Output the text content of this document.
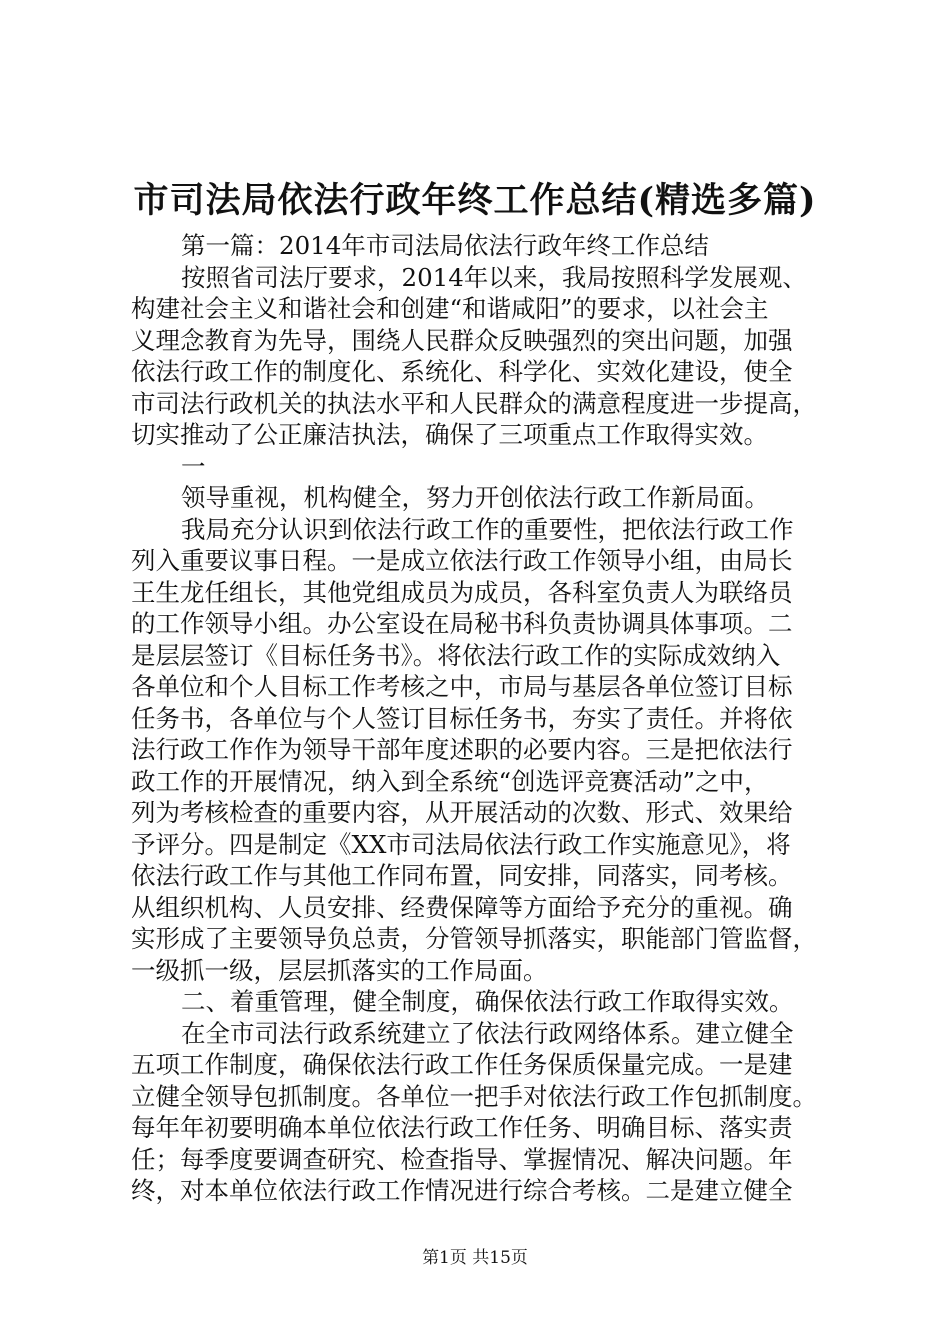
市司法局依法行政年终工作总结(精选多篇)
第一篇：2014年市司法局依法行政年终工作总结
按照省司法厅要求，2014年以来，我局按照科学发展观、
构建社会主义和谐社会和创建“和谐咸阳”的要求，以社会主
义理念教育为先导，围绕人民群众反映强烈的突出问题，加强
依法行政工作的制度化、系统化、科学化、实效化建设，使全
市司法行政机关的执法水平和人民群众的满意程度进一步提高，
切实推动了公正廉洁执法，确保了三项重点工作取得实效。
一
领导重视，机构健全，努力开创依法行政工作新局面。
我局充分认识到依法行政工作的重要性，把依法行政工作
列入重要议事日程。一是成立依法行政工作领导小组，由局长
王生龙任组长，其他党组成员为成员，各科室负责人为联络员
的工作领导小组。办公室设在局秘书科负责协调具体事项。二
是层层签订《目标任务书》。将依法行政工作的实际成效纳入
各单位和个人目标工作考核之中，市局与基层各单位签订目标
任务书，各单位与个人签订目标任务书，夯实了责任。并将依
法行政工作作为领导干部年度述职的必要内容。三是把依法行
政工作的开展情况，纳入到全系统“创选评竞赛活动”之中，
列为考核检查的重要内容，从开展活动的次数、形式、效果给
予评分。四是制定《XX市司法局依法行政工作实施意见》，将
依法行政工作与其他工作同布置，同安排，同落实，同考核。
从组织机构、人员安排、经费保障等方面给予充分的重视。确
实形成了主要领导负总责，分管领导抓落实，职能部门管监督，
一级抓一级，层层抓落实的工作局面。
二、着重管理，健全制度，确保依法行政工作取得实效。
在全市司法行政系统建立了依法行政网络体系。建立健全
五项工作制度，确保依法行政工作任务保质保量完成。一是建
立健全领导包抓制度。各单位一把手对依法行政工作包抓制度。
每年年初要明确本单位依法行政工作任务、明确目标、落实责
任；每季度要调查研究、检查指导、掌握情况、解决问题。年
终，对本单位依法行政工作情况进行综合考核。二是建立健全
第1页 共15页
